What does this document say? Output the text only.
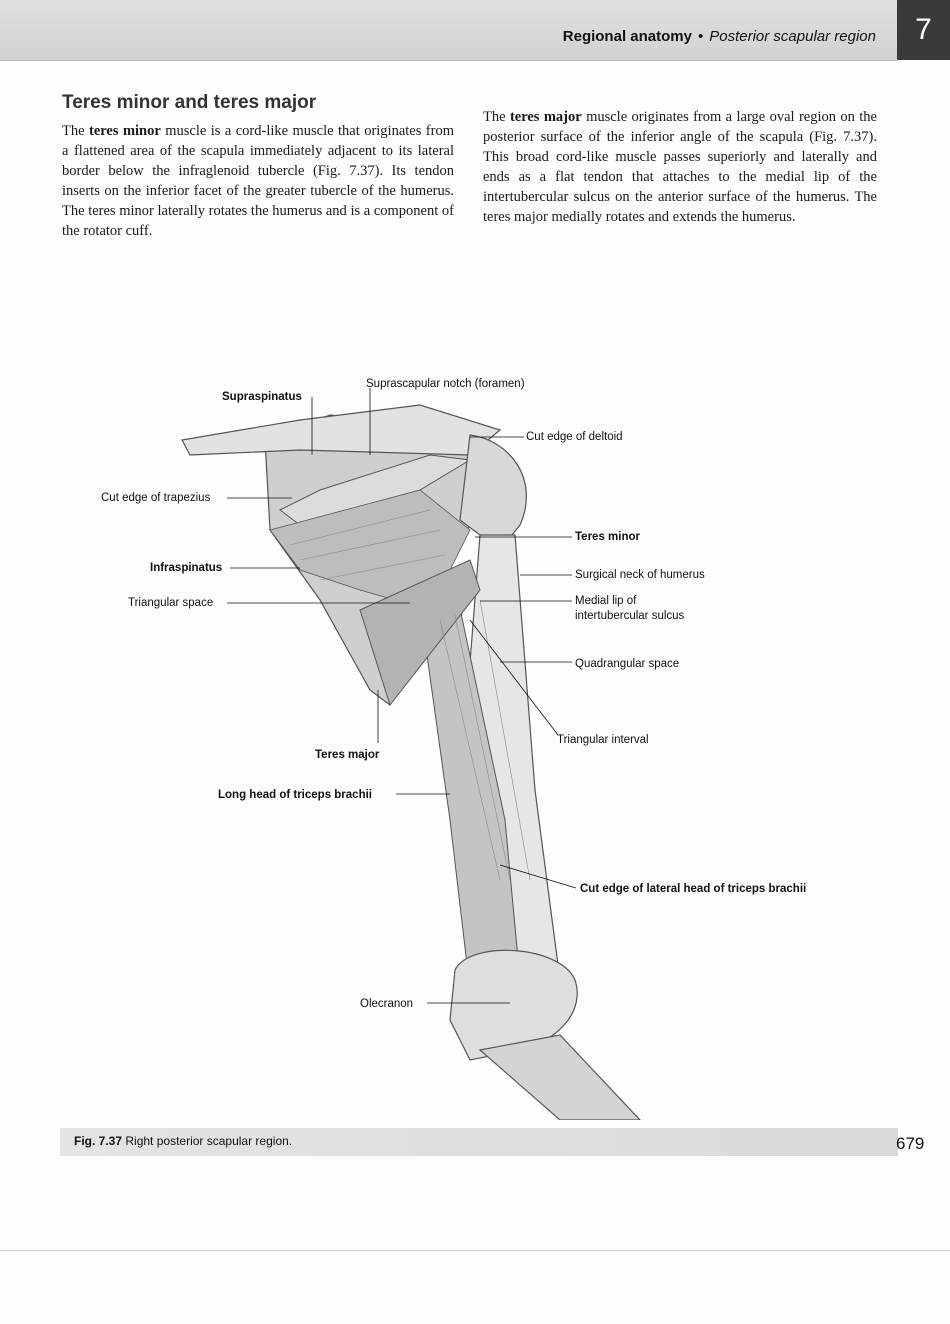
Regional anatomy • Posterior scapular region	7
Teres minor and teres major

The teres minor muscle is a cord-like muscle that originates from a flattened area of the scapula immediately adjacent to its lateral border below the infraglenoid tubercle (Fig. 7.37). Its tendon inserts on the inferior facet of the greater tubercle of the humerus. The teres minor laterally rotates the humerus and is a component of the rotator cuff.

The teres major muscle originates from a large oval region on the posterior surface of the inferior angle of the scapula (Fig. 7.37). This broad cord-like muscle passes superiorly and laterally and ends as a flat tendon that attaches to the medial lip of the intertubercular sulcus on the anterior surface of the humerus. The teres major medially rotates and extends the humerus.

Suprascapular notch (foramen)
Supraspinatus
Cut edge of deltoid
Cut edge of trapezius
Teres minor
Infraspinatus
Surgical neck of humerus
Triangular space	Medial lip of
intertubercular sulcus
Quadrangular space
Triangular interval
Teres major
Long head of triceps brachii
Cut edge of lateral head of triceps brachii
Olecranon
Fig. 7.37 Right posterior scapular region.	679
